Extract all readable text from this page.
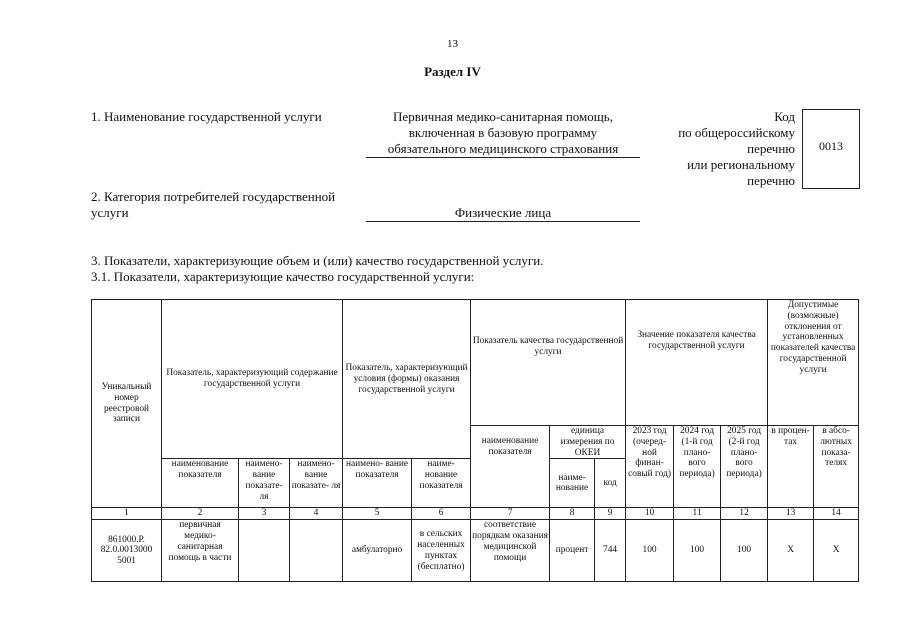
13
Раздел IV
1. Наименование государственной услуги	Первичная медико-санитарная помощь,
включенная в базовую программу
обязательного медицинского страхования
Код
по общероссийскому
перечню
или региональному
перечню
0013
2. Категория потребителей государственной
услуги	Физические лица
3. Показатели, характеризующие объем и (или) качество государственной услуги.
3.1. Показатели, характеризующие качество государственной услуги:
Уникальный номер реестровой записи	Показатель, характеризующий содержание государственной услуги			Показатель, характеризующий условия (формы) оказания государственной услуги		Показатель качества государственной услуги			Значение показателя качества государственной услуги			Допустимые (возможные) отклонения от установленных показателей качества государственной услуги	
						наименование показателя	единица измерения по ОКЕИ		2023 год (очеред- ной финан- совый год)	2024 год (1-й год плано- вого периода)	2025 год (2-й год плано- вого периода)	в процен- тах	в абсо- лютных показа- телях
	наименование показателя	наимено- вание показате- ля	наимено- вание показате- ля	наимено- вание показателя	наиме- нование показателя		наиме- нование	код					
1	2	3	4	5	6	7	8	9	10	11	12	13	14
861000.Р. 82.0.0013000 5001	первичная медико- санитарная помощь в части			амбулаторно	в сельских населенных пунктах (бесплатно)	соответствие порядкам оказания медицинской помощи	процент	744	100	100	100	Х	Х
